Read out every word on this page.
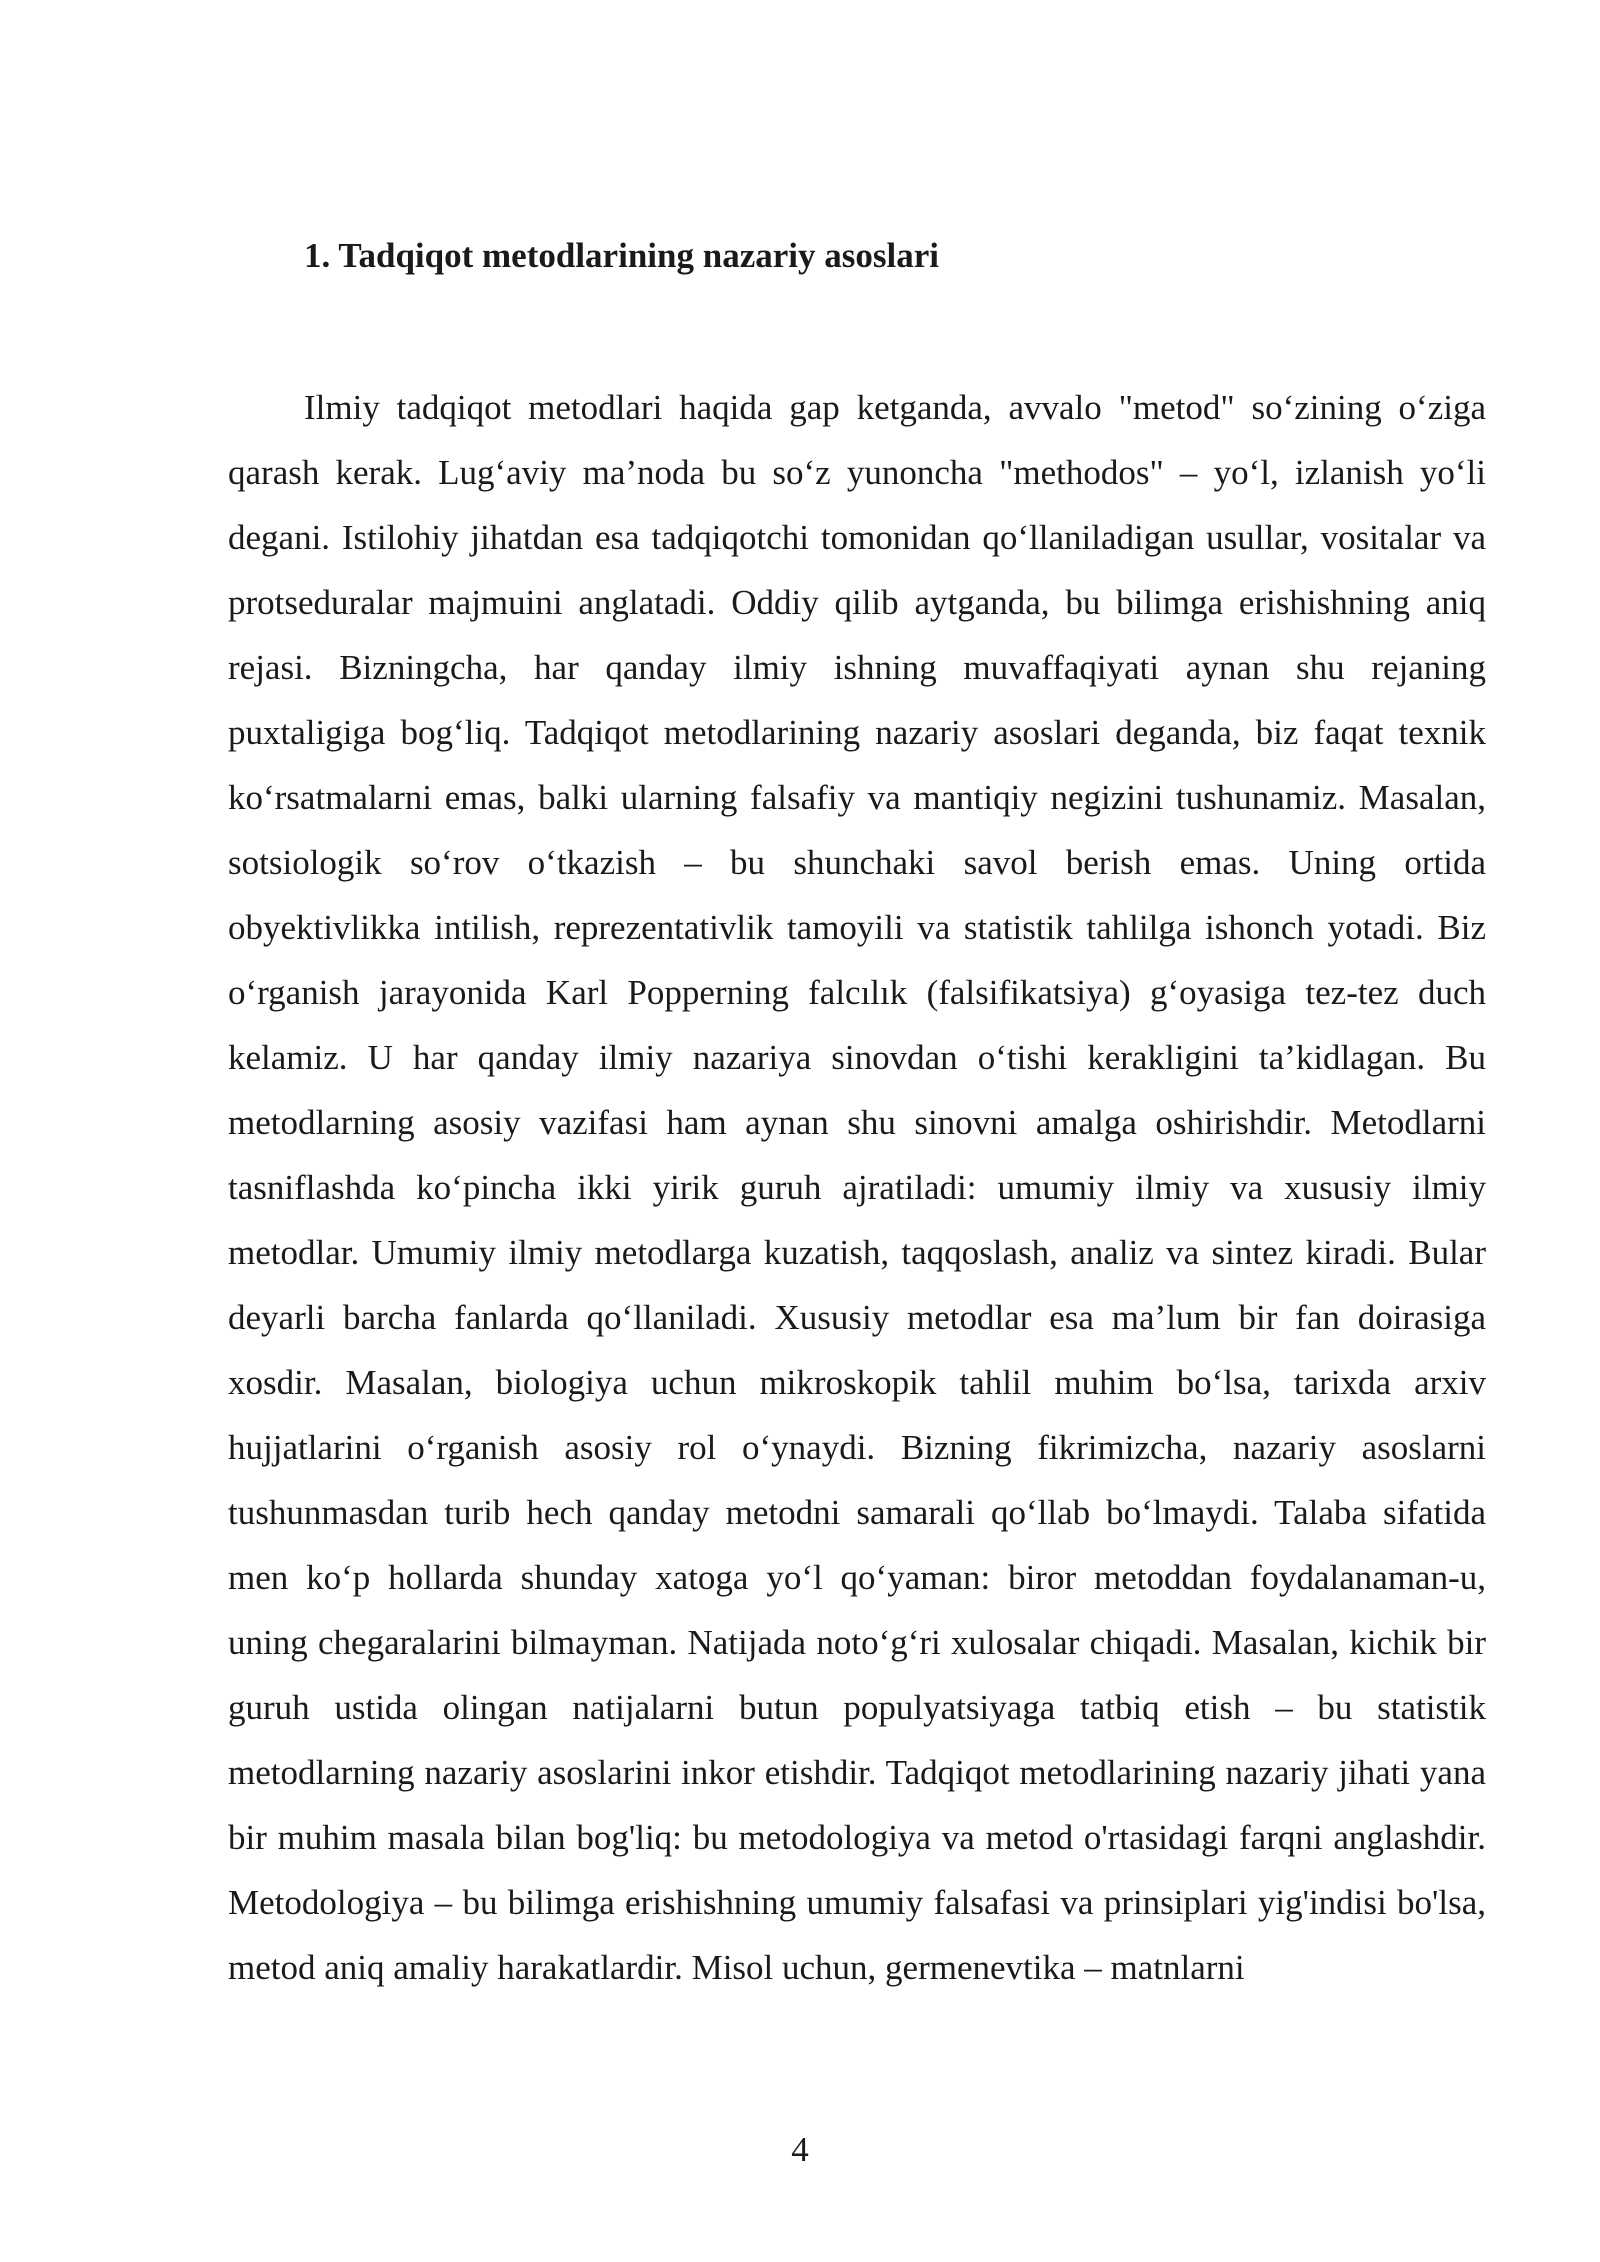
1. Tadqiqot metodlarining nazariy asoslari

Ilmiy tadqiqot metodlari haqida gap ketganda, avvalo "metod" so‘zining o‘ziga qarash kerak. Lug‘aviy ma’noda bu so‘z yunoncha "methodos" – yo‘l, izlanish yo‘li degani. Istilohiy jihatdan esa tadqiqotchi tomonidan qo‘llaniladigan usullar, vositalar va protseduralar majmuini anglatadi. Oddiy qilib aytganda, bu bilimga erishishning aniq rejasi. Bizningcha, har qanday ilmiy ishning muvaffaqiyati aynan shu rejaning puxtaligiga bog‘liq. Tadqiqot metodlarining nazariy asoslari deganda, biz faqat texnik ko‘rsatmalarni emas, balki ularning falsafiy va mantiqiy negizini tushunamiz. Masalan, sotsiologik so‘rov o‘tkazish – bu shunchaki savol berish emas. Uning ortida obyektivlikka intilish, reprezentativlik tamoyili va statistik tahlilga ishonch yotadi. Biz o‘rganish jarayonida Karl Popperning falcılık (falsifikatsiya) g‘oyasiga tez-tez duch kelamiz. U har qanday ilmiy nazariya sinovdan o‘tishi kerakligini ta’kidlagan. Bu metodlarning asosiy vazifasi ham aynan shu sinovni amalga oshirishdir. Metodlarni tasniflashda ko‘pincha ikki yirik guruh ajratiladi: umumiy ilmiy va xususiy ilmiy metodlar. Umumiy ilmiy metodlarga kuzatish, taqqoslash, analiz va sintez kiradi. Bular deyarli barcha fanlarda qo‘llaniladi. Xususiy metodlar esa ma’lum bir fan doirasiga xosdir. Masalan, biologiya uchun mikroskopik tahlil muhim bo‘lsa, tarixda arxiv hujjatlarini o‘rganish asosiy rol o‘ynaydi. Bizning fikrimizcha, nazariy asoslarni tushunmasdan turib hech qanday metodni samarali qo‘llab bo‘lmaydi. Talaba sifatida men ko‘p hollarda shunday xatoga yo‘l qo‘yaman: biror metoddan foydalanaman-u, uning chegaralarini bilmayman. Natijada noto‘g‘ri xulosalar chiqadi. Masalan, kichik bir guruh ustida olingan natijalarni butun populyatsiyaga tatbiq etish – bu statistik metodlarning nazariy asoslarini inkor etishdir. Tadqiqot metodlarining nazariy jihati yana bir muhim masala bilan bog'liq: bu metodologiya va metod o'rtasidagi farqni anglashdir. Metodologiya – bu bilimga erishishning umumiy falsafasi va prinsiplari yig'indisi bo'lsa, metod aniq amaliy harakatlardir. Misol uchun, germenevtika – matnlarni

4
